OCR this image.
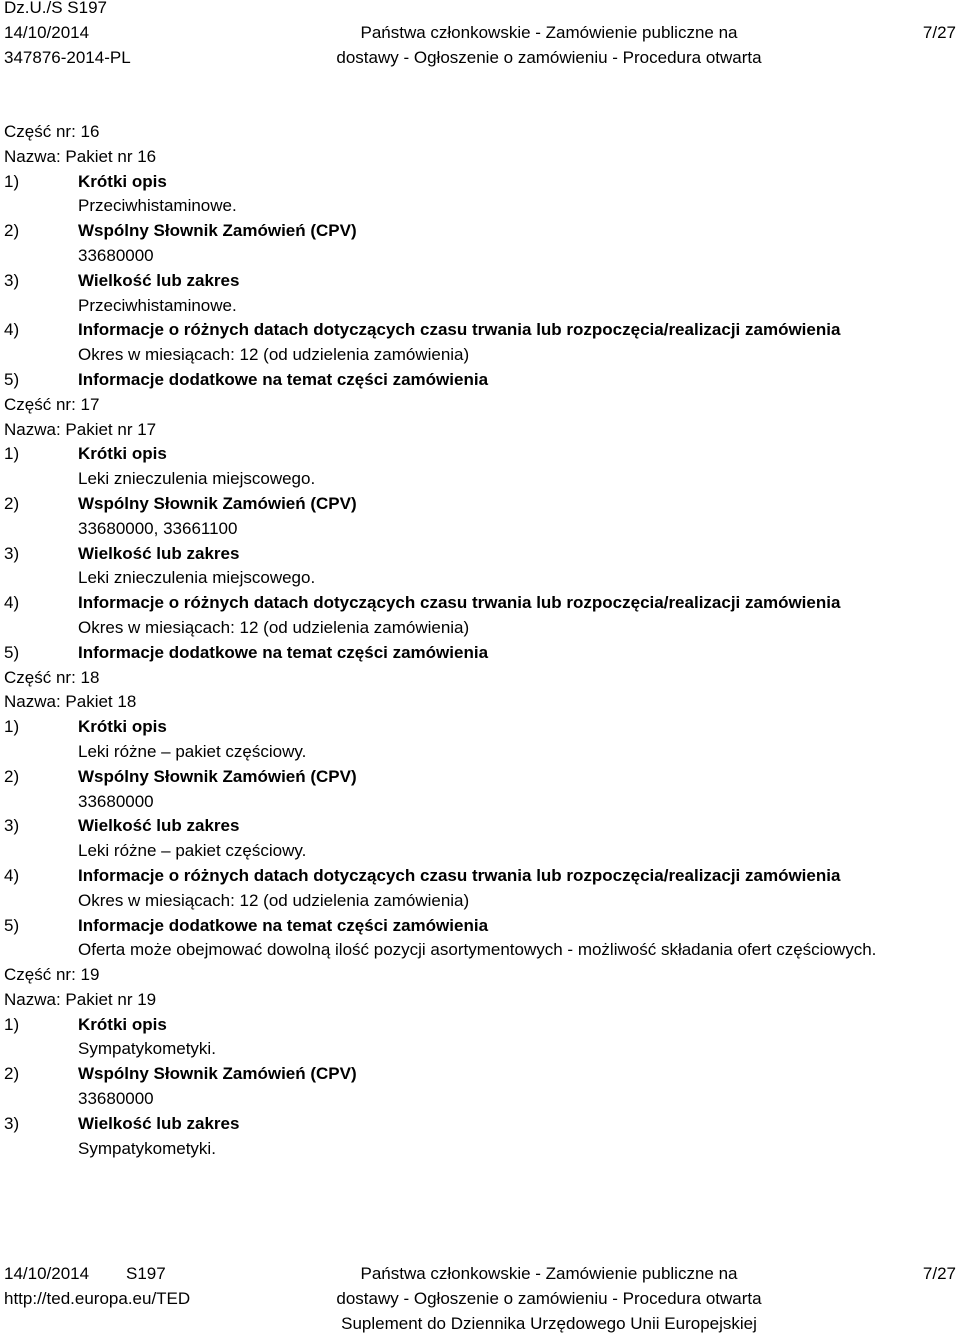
Dz.U./S S197
14/10/2014	Państwa członkowskie - Zamówienie publiczne na	7/27
347876-2014-PL	dostawy - Ogłoszenie o zamówieniu - Procedura otwarta
Część nr: 16
Nazwa: Pakiet nr 16
1)	Krótki opis
Przeciwhistaminowe.
2)	Wspólny Słownik Zamówień (CPV)
33680000
3)	Wielkość lub zakres
Przeciwhistaminowe.
4)	Informacje o różnych datach dotyczących czasu trwania lub rozpoczęcia/realizacji zamówienia
Okres w miesiącach: 12 (od udzielenia zamówienia)
5)	Informacje dodatkowe na temat części zamówienia
Część nr: 17
Nazwa: Pakiet nr 17
1)	Krótki opis
Leki znieczulenia miejscowego.
2)	Wspólny Słownik Zamówień (CPV)
33680000, 33661100
3)	Wielkość lub zakres
Leki znieczulenia miejscowego.
4)	Informacje o różnych datach dotyczących czasu trwania lub rozpoczęcia/realizacji zamówienia
Okres w miesiącach: 12 (od udzielenia zamówienia)
5)	Informacje dodatkowe na temat części zamówienia
Część nr: 18
Nazwa: Pakiet 18
1)	Krótki opis
Leki różne – pakiet częściowy.
2)	Wspólny Słownik Zamówień (CPV)
33680000
3)	Wielkość lub zakres
Leki różne – pakiet częściowy.
4)	Informacje o różnych datach dotyczących czasu trwania lub rozpoczęcia/realizacji zamówienia
Okres w miesiącach: 12 (od udzielenia zamówienia)
5)	Informacje dodatkowe na temat części zamówienia
Oferta może obejmować dowolną ilość pozycji asortymentowych - możliwość składania ofert częściowych.
Część nr: 19
Nazwa: Pakiet nr 19
1)	Krótki opis
Sympatykometyki.
2)	Wspólny Słownik Zamówień (CPV)
33680000
3)	Wielkość lub zakres
Sympatykometyki.
14/10/2014 S197	Państwa członkowskie - Zamówienie publiczne na	7/27
http://ted.europa.eu/TED	dostawy - Ogłoszenie o zamówieniu - Procedura otwarta
Suplement do Dziennika Urzędowego Unii Europejskiej
